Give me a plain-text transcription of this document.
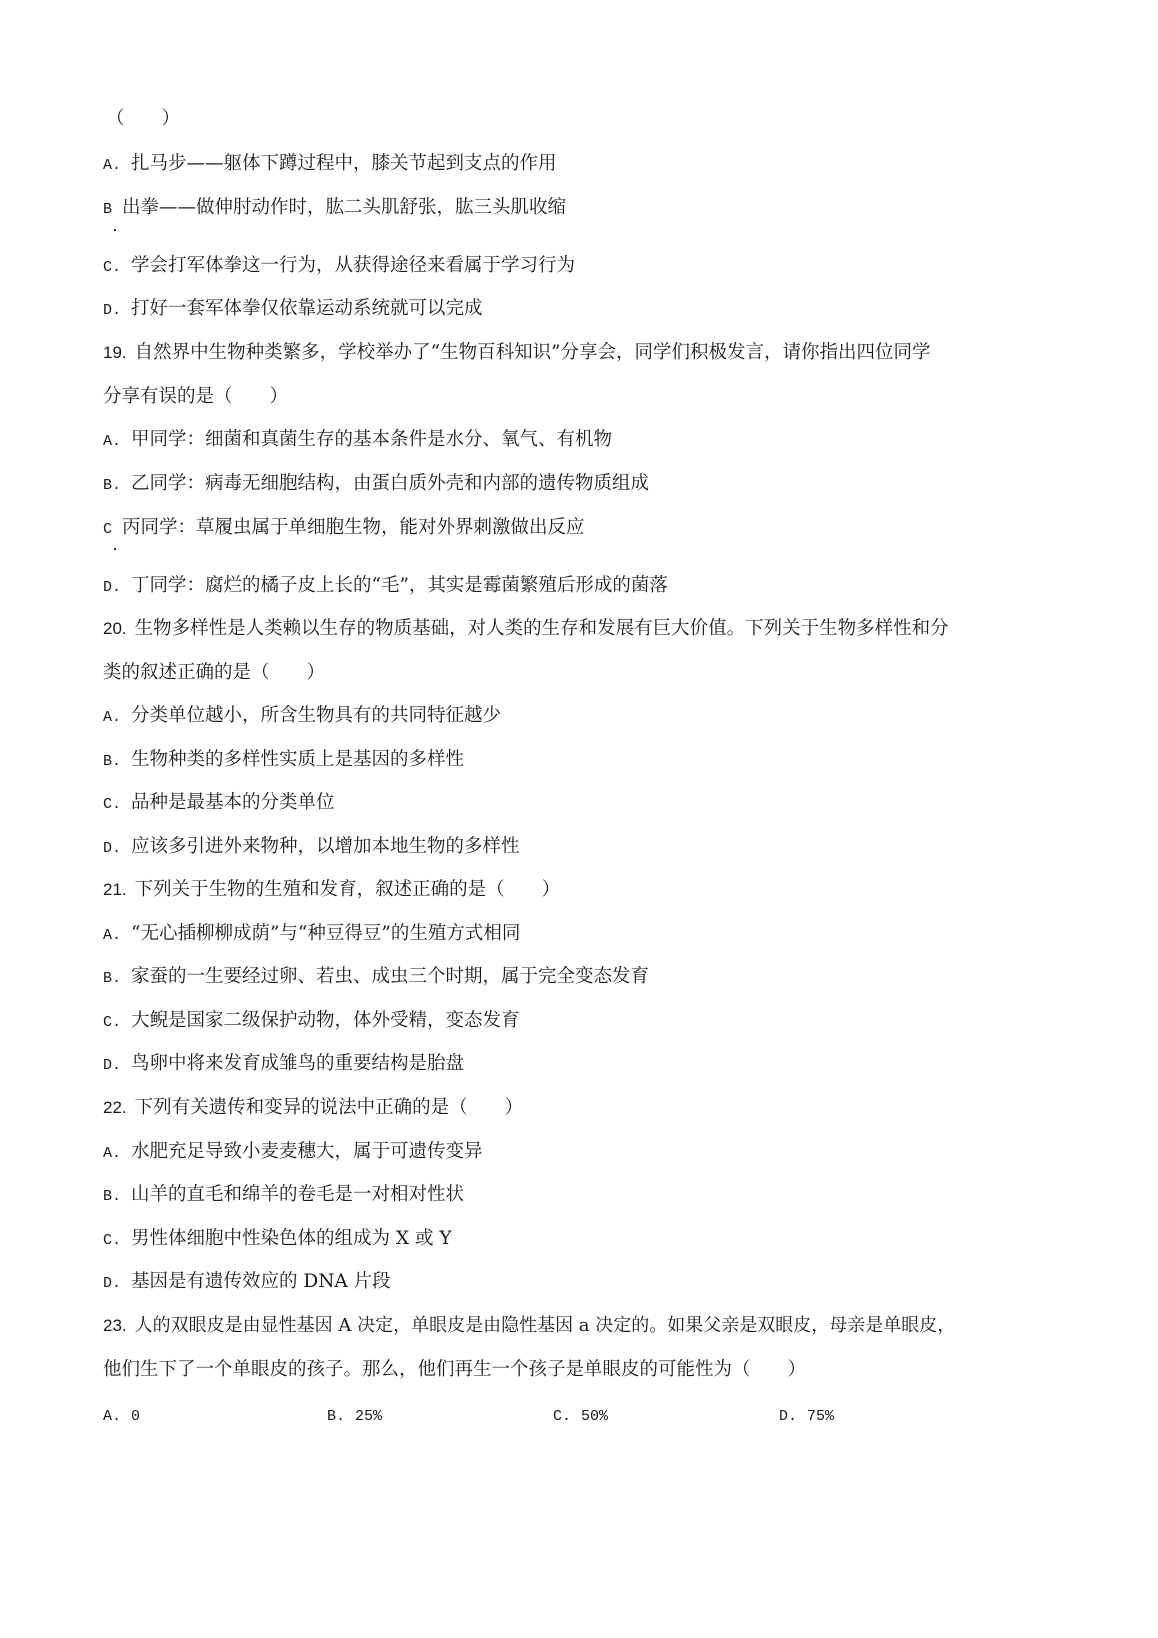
（　　）
A. 扎马步——躯体下蹲过程中，膝关节起到支点的作用
B 出拳——做伸肘动作时，肱二头肌舒张，肱三头肌收缩
C. 学会打军体拳这一行为，从获得途径来看属于学习行为
D. 打好一套军体拳仅依靠运动系统就可以完成
19. 自然界中生物种类繁多，学校举办了“生物百科知识”分享会，同学们积极发言，请你指出四位同学
分享有误的是（　　）
A. 甲同学：细菌和真菌生存的基本条件是水分、氧气、有机物
B. 乙同学：病毒无细胞结构，由蛋白质外壳和内部的遗传物质组成
C 丙同学：草履虫属于单细胞生物，能对外界刺激做出反应
D. 丁同学：腐烂的橘子皮上长的“毛”，其实是霉菌繁殖后形成的菌落
20. 生物多样性是人类赖以生存的物质基础，对人类的生存和发展有巨大价值。下列关于生物多样性和分
类的叙述正确的是（　　）
A. 分类单位越小，所含生物具有的共同特征越少
B. 生物种类的多样性实质上是基因的多样性
C. 品种是最基本的分类单位
D. 应该多引进外来物种，以增加本地生物的多样性
21. 下列关于生物的生殖和发育，叙述正确的是（　　）
A. “无心插柳柳成荫”与“种豆得豆”的生殖方式相同
B. 家蚕的一生要经过卵、若虫、成虫三个时期，属于完全变态发育
C. 大鲵是国家二级保护动物，体外受精，变态发育
D. 鸟卵中将来发育成雏鸟的重要结构是胎盘
22. 下列有关遗传和变异的说法中正确的是（　　）
A. 水肥充足导致小麦麦穗大，属于可遗传变异
B. 山羊的直毛和绵羊的卷毛是一对相对性状
C. 男性体细胞中性染色体的组成为 X 或 Y
D. 基因是有遗传效应的 DNA 片段
23. 人的双眼皮是由显性基因 A 决定，单眼皮是由隐性基因 a 决定的。如果父亲是双眼皮，母亲是单眼皮，
他们生下了一个单眼皮的孩子。那么，他们再生一个孩子是单眼皮的可能性为（　　）
A. 0	B. 25%	C. 50%	D. 75%
